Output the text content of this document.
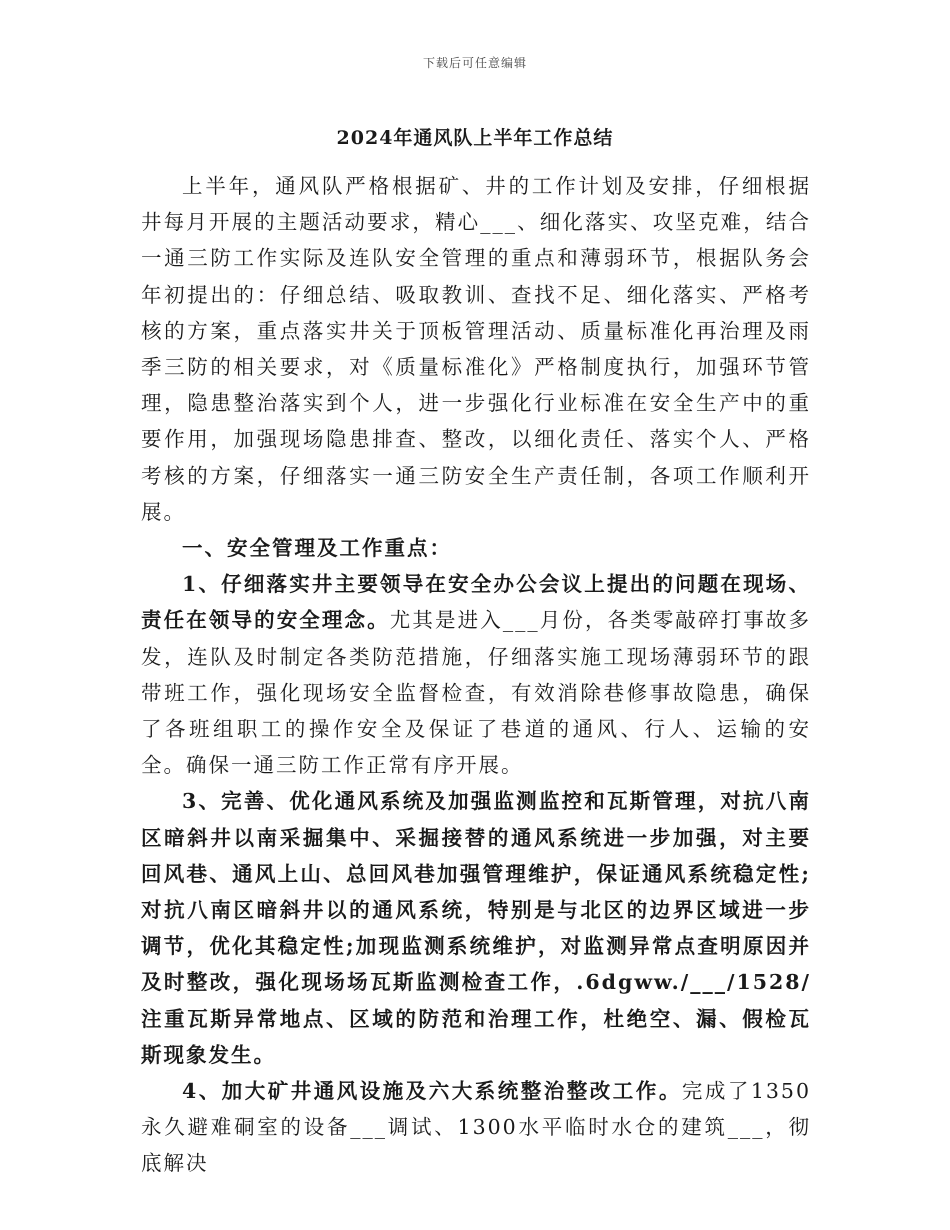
下载后可任意编辑
2024年通风队上半年工作总结

上半年，通风队严格根据矿、井的工作计划及安排，仔细根据井每月开展的主题活动要求，精心___、细化落实、攻坚克难，结合一通三防工作实际及连队安全管理的重点和薄弱环节，根据队务会年初提出的：仔细总结、吸取教训、查找不足、细化落实、严格考核的方案，重点落实井关于顶板管理活动、质量标准化再治理及雨季三防的相关要求，对《质量标准化》严格制度执行，加强环节管理，隐患整治落实到个人，进一步强化行业标准在安全生产中的重要作用，加强现场隐患排查、整改，以细化责任、落实个人、严格考核的方案，仔细落实一通三防安全生产责任制，各项工作顺利开展。

一、安全管理及工作重点：

1、仔细落实井主要领导在安全办公会议上提出的问题在现场、责任在领导的安全理念。尤其是进入___月份，各类零敲碎打事故多发，连队及时制定各类防范措施，仔细落实施工现场薄弱环节的跟带班工作，强化现场安全监督检查，有效消除巷修事故隐患，确保了各班组职工的操作安全及保证了巷道的通风、行人、运输的安全。确保一通三防工作正常有序开展。

3、完善、优化通风系统及加强监测监控和瓦斯管理，对抗八南区暗斜井以南采掘集中、采掘接替的通风系统进一步加强，对主要回风巷、通风上山、总回风巷加强管理维护，保证通风系统稳定性;对抗八南区暗斜井以的通风系统，特别是与北区的边界区域进一步调节，优化其稳定性;加现监测系统维护，对监测异常点查明原因并及时整改，强化现场场瓦斯监测检查工作，.6dgww./___/1528/注重瓦斯异常地点、区域的防范和治理工作，杜绝空、漏、假检瓦斯现象发生。

4、加大矿井通风设施及六大系统整治整改工作。完成了1350永久避难硐室的设备___调试、1300水平临时水仓的建筑___，彻底解决
